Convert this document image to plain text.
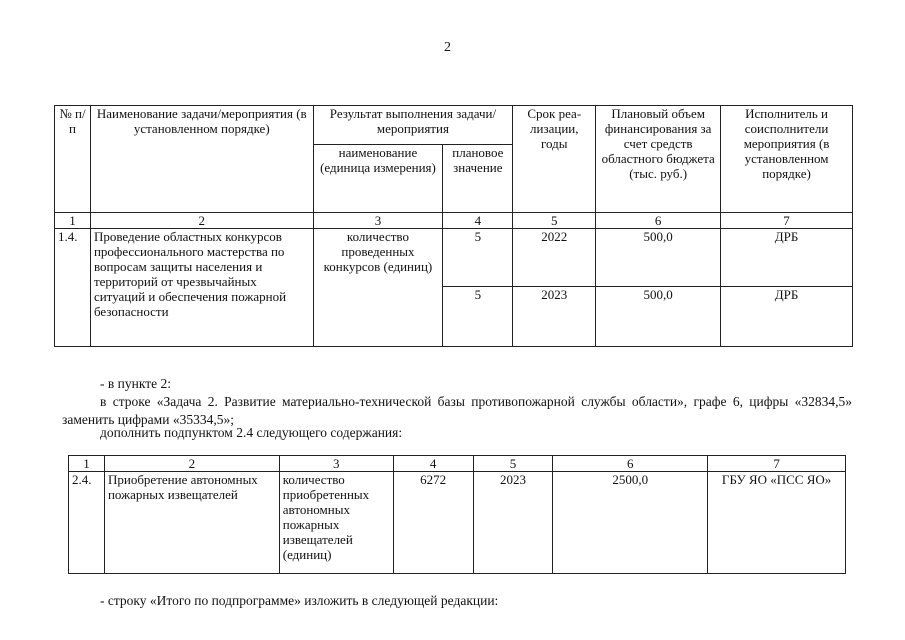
2
№ п/п	Наименование задачи/мероприятия (в установленном порядке)	Результат выполнения задачи/мероприятия		Срок реа- лизации, годы	Плановый объем финансирования за счет средств областного бюджета (тыс. руб.)	Исполнитель и соисполнители мероприятия (в установленном порядке)
		наименование (единица измерения)	плановое значение			
1	2	3	4	5	6	7
1.4.	Проведение областных конкурсов профессионального мастерства по вопросам защиты населения и территорий от чрезвычайных ситуаций и обеспечения пожарной безопасности	количество проведенных конкурсов (единиц)	5	2022	500,0	ДРБ
			5	2023	500,0	ДРБ
- в пункте 2:
в строке «Задача 2. Развитие материально-технической базы противопожарной службы области», графе 6, цифры «32834,5» заменить цифрами «35334,5»;
дополнить подпунктом 2.4 следующего содержания:
1	2	3	4	5	6	7
2.4.	Приобретение автономных пожарных извещателей	количество приобретенных автономных пожарных извещателей (единиц)	6272	2023	2500,0	ГБУ ЯО «ПСС ЯО»
- строку «Итого по подпрограмме» изложить в следующей редакции:
